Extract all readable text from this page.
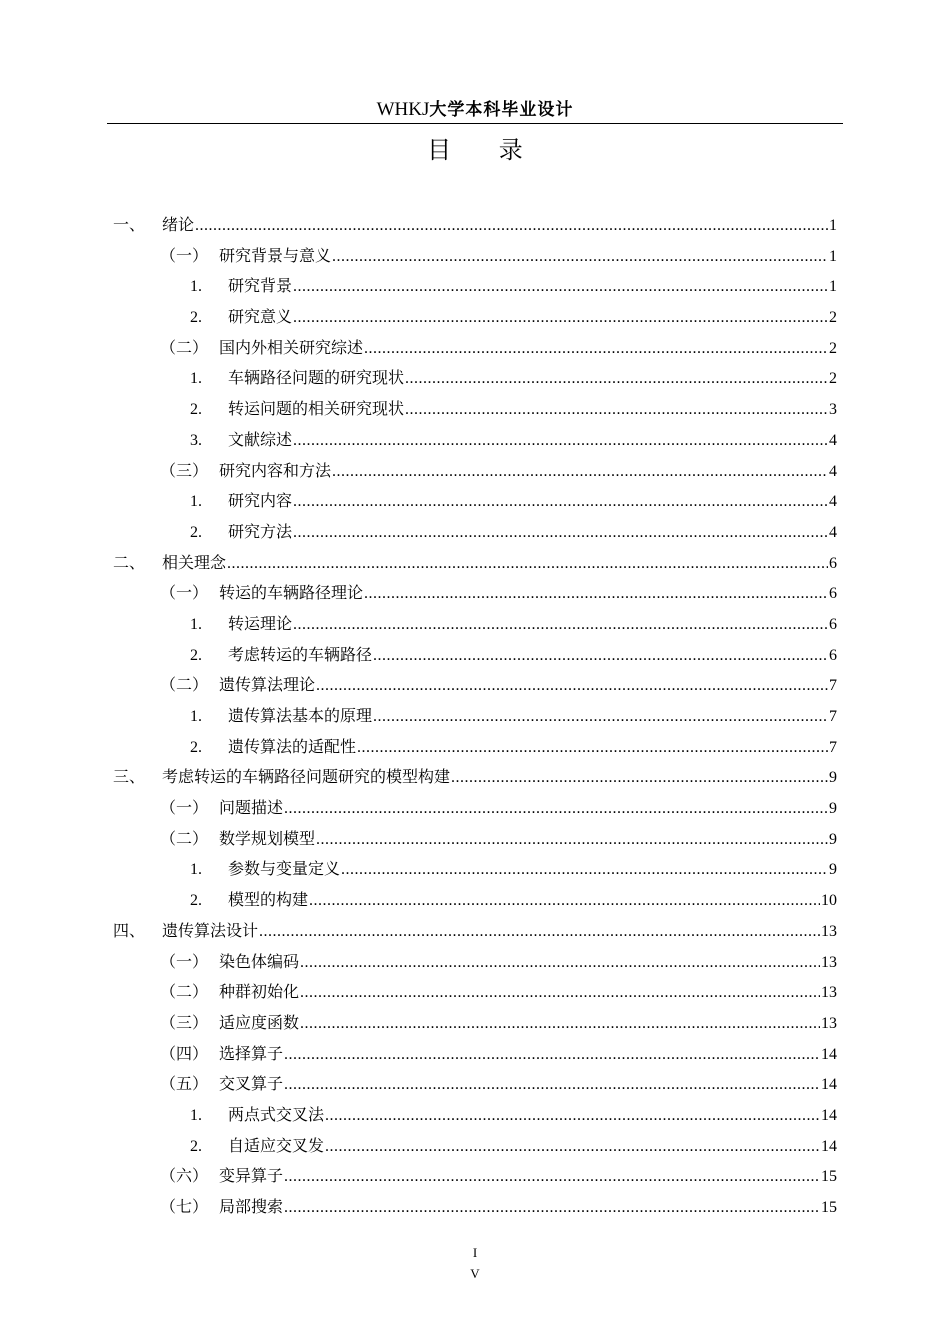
WHKJ大学本科毕业设计
目 录
一、	绪论 .....	1
（一） 研究背景与意义 .....	1
1.	研究背景 .....	1
2.	研究意义 .....	2
（二） 国内外相关研究综述 .....	2
1.	车辆路径问题的研究现状 .....	2
2.	转运问题的相关研究现状 .....	3
3.	文献综述 .....	4
（三） 研究内容和方法 .....	4
1.	研究内容 .....	4
2.	研究方法 .....	4
二、	相关理念 .....	6
（一） 转运的车辆路径理论 .....	6
1.	转运理论 .....	6
2.	考虑转运的车辆路径 .....	6
（二） 遗传算法理论 .....	7
1.	遗传算法基本的原理 .....	7
2.	遗传算法的适配性 .....	7
三、	考虑转运的车辆路径问题研究的模型构建 .....	9
（一） 问题描述 .....	9
（二） 数学规划模型 .....	9
1.	参数与变量定义 .....	9
2.	模型的构建 .....	10
四、	遗传算法设计 .....	13
（一） 染色体编码 .....	13
（二） 种群初始化 .....	13
（三） 适应度函数 .....	13
（四） 选择算子 .....	14
（五） 交叉算子 .....	14
1.	两点式交叉法 .....	14
2.	自适应交叉发 .....	14
（六） 变异算子 .....	15
（七） 局部搜索 .....	15
I
V
